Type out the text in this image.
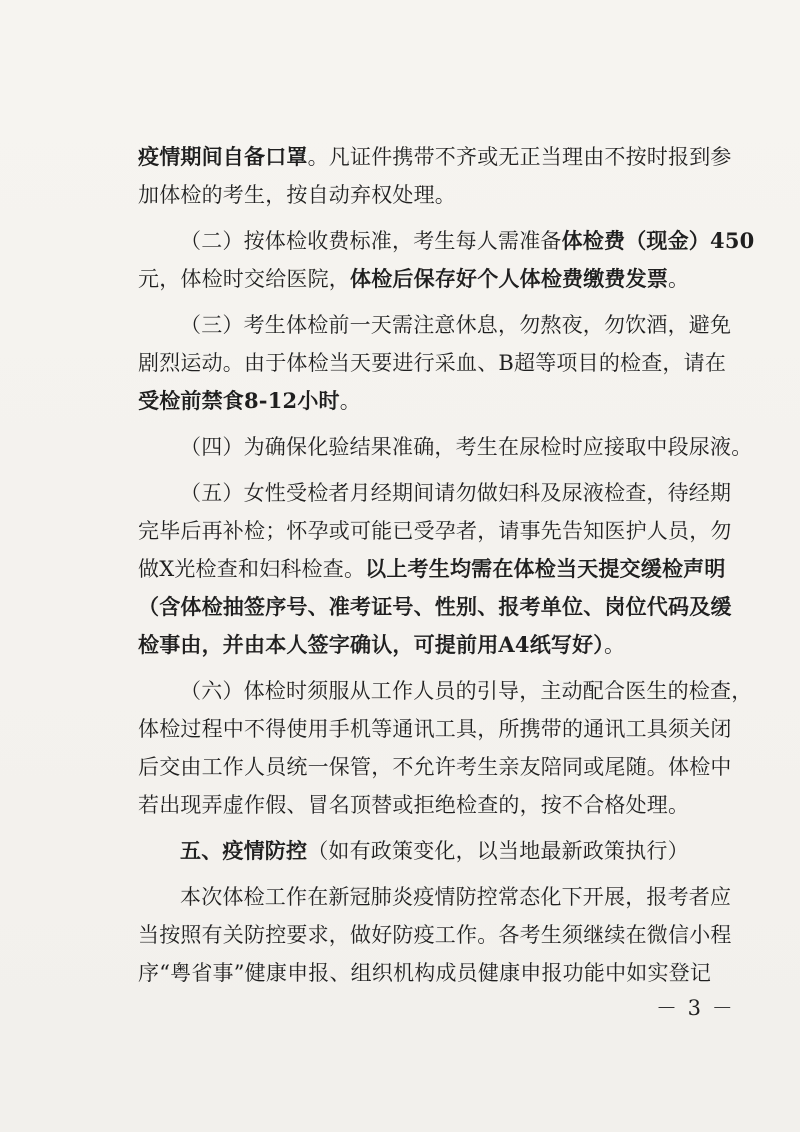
疫情期间自备口罩。凡证件携带不齐或无正当理由不按时报到参
加体检的考生，按自动弃权处理。
（二）按体检收费标准，考生每人需准备体检费（现金）450
元，体检时交给医院，体检后保存好个人体检费缴费发票。
（三）考生体检前一天需注意休息，勿熬夜，勿饮酒，避免
剧烈运动。由于体检当天要进行采血、B超等项目的检查，请在
受检前禁食8-12小时。
（四）为确保化验结果准确，考生在尿检时应接取中段尿液。
（五）女性受检者月经期间请勿做妇科及尿液检查，待经期
完毕后再补检；怀孕或可能已受孕者，请事先告知医护人员，勿
做X光检查和妇科检查。以上考生均需在体检当天提交缓检声明
（含体检抽签序号、准考证号、性别、报考单位、岗位代码及缓
检事由，并由本人签字确认，可提前用A4纸写好）。
（六）体检时须服从工作人员的引导，主动配合医生的检查，
体检过程中不得使用手机等通讯工具，所携带的通讯工具须关闭
后交由工作人员统一保管，不允许考生亲友陪同或尾随。体检中
若出现弄虚作假、冒名顶替或拒绝检查的，按不合格处理。
五、疫情防控（如有政策变化，以当地最新政策执行）
本次体检工作在新冠肺炎疫情防控常态化下开展，报考者应
当按照有关防控要求，做好防疫工作。各考生须继续在微信小程
序“粤省事”健康申报、组织机构成员健康申报功能中如实登记
－ 3 －
